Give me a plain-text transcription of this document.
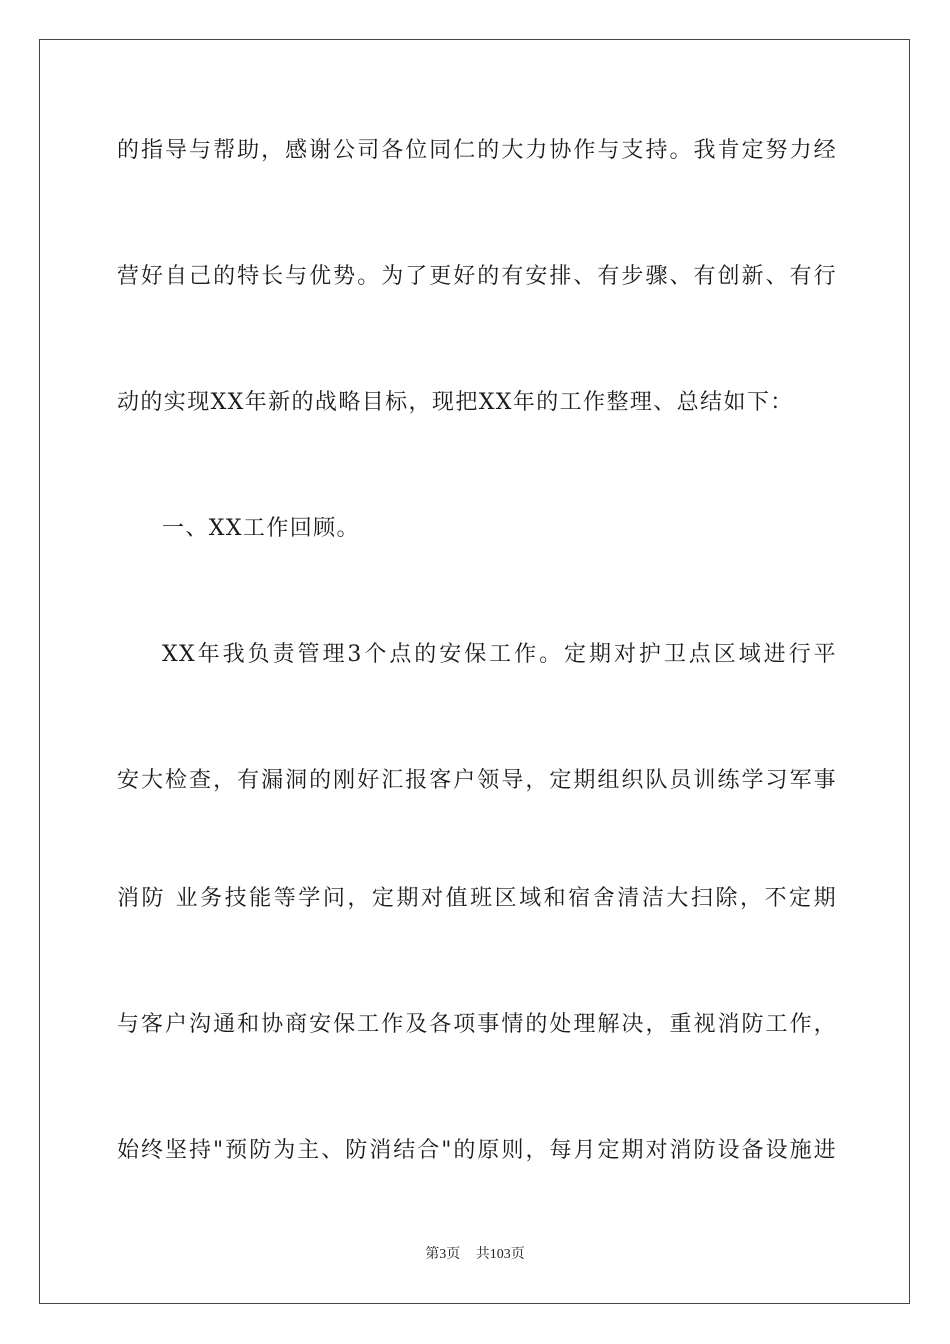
的指导与帮助，感谢公司各位同仁的大力协作与支持。我肯定努力经
营好自己的特长与优势。为了更好的有安排、有步骤、有创新、有行
动的实现XX年新的战略目标，现把XX年的工作整理、总结如下：
一、XX工作回顾。
XX年我负责管理3个点的安保工作。定期对护卫点区域进行平
安大检查，有漏洞的刚好汇报客户领导，定期组织队员训练学习军事
消防 业务技能等学问，定期对值班区域和宿舍清洁大扫除，不定期
与客户沟通和协商安保工作及各项事情的处理解决，重视消防工作，
始终坚持"预防为主、防消结合"的原则，每月定期对消防设备设施进
第3页 共103页
